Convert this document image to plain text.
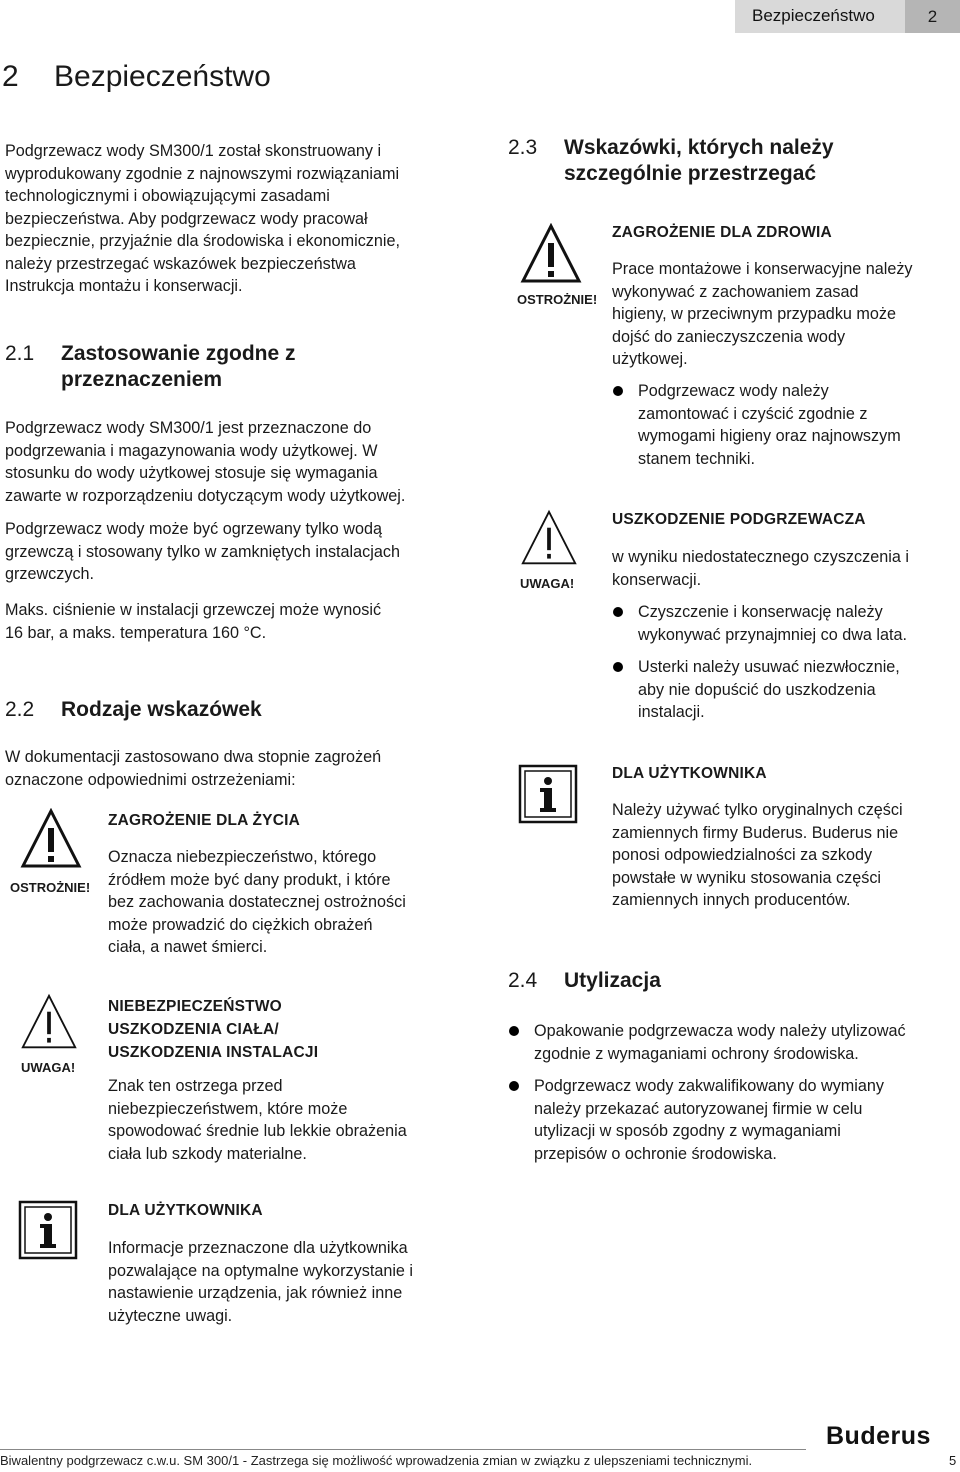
Bezpieczeństwo	2
2 Bezpieczeństwo
Podgrzewacz wody SM300/1 został skonstruowany i
wyprodukowany zgodnie z najnowszymi rozwiązaniami
technologicznymi i obowiązującymi zasadami
bezpieczeństwa. Aby podgrzewacz wody pracował
bezpiecznie, przyjaźnie dla środowiska i ekonomicznie,
należy przestrzegać wskazówek bezpieczeństwa
Instrukcja montażu i konserwacji.
2.1 Zastosowanie zgodne z
przeznaczeniem
Podgrzewacz wody SM300/1 jest przeznaczone do
podgrzewania i magazynowania wody użytkowej. W
stosunku do wody użytkowej stosuje się wymagania
zawarte w rozporządzeniu dotyczącym wody użytkowej.
Podgrzewacz wody może być ogrzewany tylko wodą
grzewczą i stosowany tylko w zamkniętych instalacjach
grzewczych.
Maks. ciśnienie w instalacji grzewczej może wynosić
16 bar, a maks. temperatura 160 °C.
2.2 Rodzaje wskazówek
W dokumentacji zastosowano dwa stopnie zagrożeń
oznaczone odpowiednimi ostrzeżeniami:
OSTROŻNIE!
ZAGROŻENIE DLA ŻYCIA
Oznacza niebezpieczeństwo, którego
źródłem może być dany produkt, i które
bez zachowania dostatecznej ostrożności
może prowadzić do ciężkich obrażeń
ciała, a nawet śmierci.
UWAGA!
NIEBEZPIECZEŃSTWO
USZKODZENIA CIAŁA/
USZKODZENIA INSTALACJI
Znak ten ostrzega przed
niebezpieczeństwem, które może
spowodować średnie lub lekkie obrażenia
ciała lub szkody materialne.
DLA UŻYTKOWNIKA
Informacje przeznaczone dla użytkownika
pozwalające na optymalne wykorzystanie i
nastawienie urządzenia, jak również inne
użyteczne uwagi.
2.3 Wskazówki, których należy
szczególnie przestrzegać
OSTROŻNIE!
ZAGROŻENIE DLA ZDROWIA
Prace montażowe i konserwacyjne należy
wykonywać z zachowaniem zasad
higieny, w przeciwnym przypadku może
dojść do zanieczyszczenia wody
użytkowej.
Podgrzewacz wody należy
zamontować i czyścić zgodnie z
wymogami higieny oraz najnowszym
stanem techniki.
UWAGA!
USZKODZENIE PODGRZEWACZA
w wyniku niedostatecznego czyszczenia i
konserwacji.
Czyszczenie i konserwację należy
wykonywać przynajmniej co dwa lata.
Usterki należy usuwać niezwłocznie,
aby nie dopuścić do uszkodzenia
instalacji.
DLA UŻYTKOWNIKA
Należy używać tylko oryginalnych części
zamiennych firmy Buderus. Buderus nie
ponosi odpowiedzialności za szkody
powstałe w wyniku stosowania części
zamiennych innych producentów.
2.4 Utylizacja
Opakowanie podgrzewacza wody należy utylizować
zgodnie z wymaganiami ochrony środowiska.
Podgrzewacz wody zakwalifikowany do wymiany
należy przekazać autoryzowanej firmie w celu
utylizacji w sposób zgodny z wymaganiami
przepisów o ochronie środowiska.
Buderus
Biwalentny podgrzewacz c.w.u. SM 300/1 - Zastrzega się możliwość wprowadzenia zmian w związku z ulepszeniami technicznymi.	5
